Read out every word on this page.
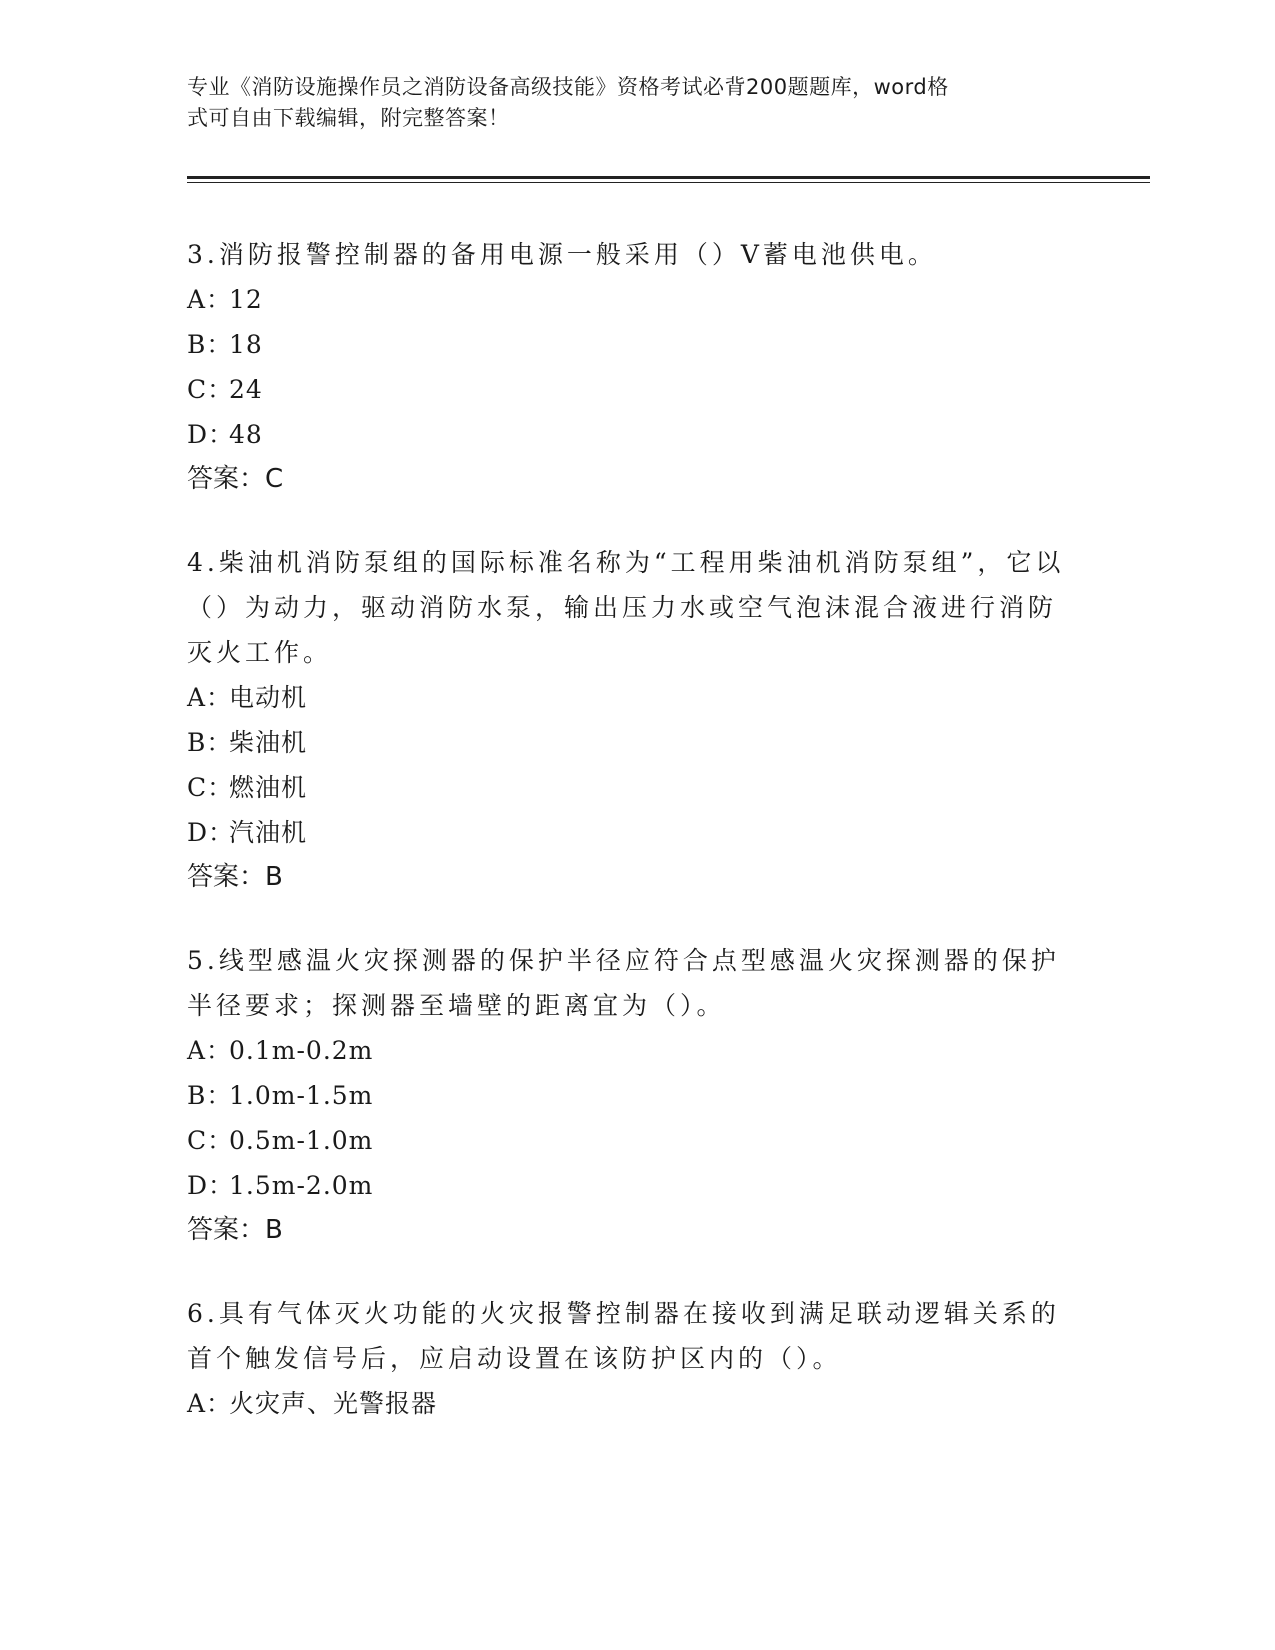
专业《消防设施操作员之消防设备高级技能》资格考试必背200题题库，word格
式可自由下载编辑，附完整答案！

3.消防报警控制器的备用电源一般采用（）V蓄电池供电。

A：12

B：18

C：24

D：48

答案：C

4.柴油机消防泵组的国际标准名称为“工程用柴油机消防泵组”，它以（）为动力，驱动消防水泵，输出压力水或空气泡沫混合液进行消防灭火工作。

A：电动机

B：柴油机

C：燃油机

D：汽油机

答案：B

5.线型感温火灾探测器的保护半径应符合点型感温火灾探测器的保护半径要求；探测器至墙壁的距离宜为（）。

A：0.1m-0.2m

B：1.0m-1.5m

C：0.5m-1.0m

D：1.5m-2.0m

答案：B

6.具有气体灭火功能的火灾报警控制器在接收到满足联动逻辑关系的首个触发信号后，应启动设置在该防护区内的（）。

A：火灾声、光警报器
